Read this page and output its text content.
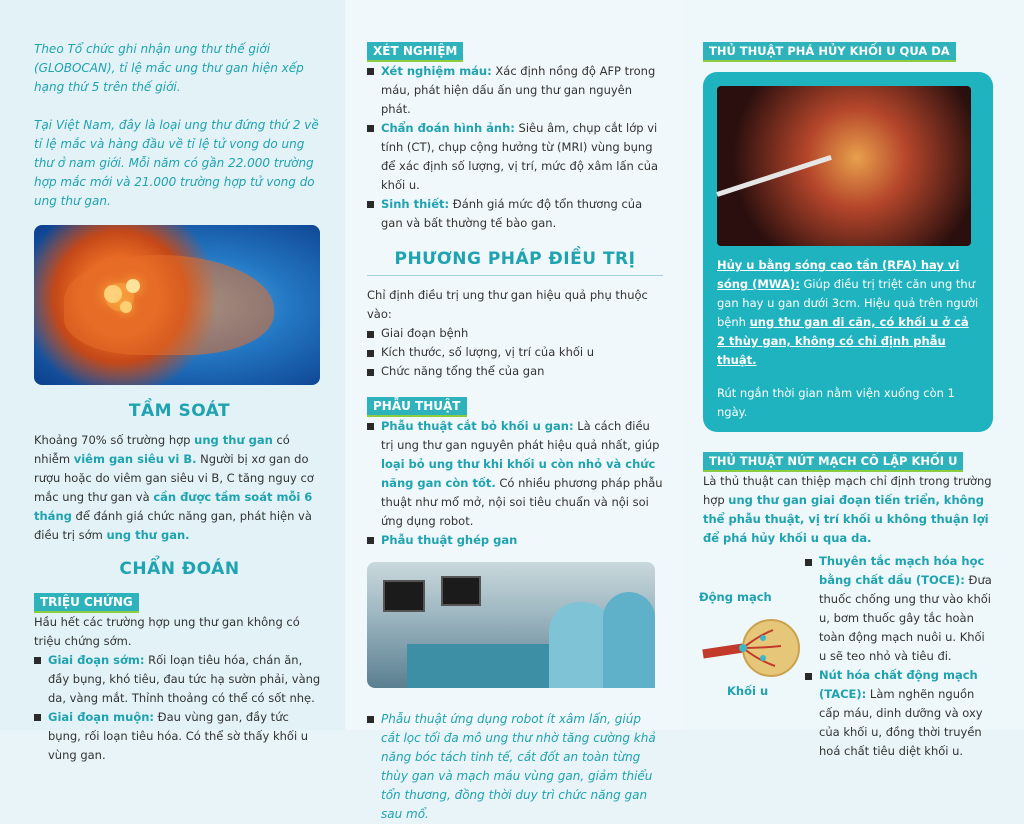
Theo Tổ chức ghi nhận ung thư thế giới (GLOBOCAN), tỉ lệ mắc ung thư gan hiện xếp hạng thứ 5 trên thế giới.

Tại Việt Nam, đây là loại ung thư đứng thứ 2 về tỉ lệ mắc và hàng đầu về tỉ lệ tử vong do ung thư ở nam giới. Mỗi năm có gần 22.000 trường hợp mắc mới và 21.000 trường hợp tử vong do ung thư gan.

TẦM SOÁT

Khoảng 70% số trường hợp ung thư gan có nhiễm viêm gan siêu vi B. Người bị xơ gan do rượu hoặc do viêm gan siêu vi B, C tăng nguy cơ mắc ung thư gan và cần được tầm soát mỗi 6 tháng để đánh giá chức năng gan, phát hiện và điều trị sớm ung thư gan.

CHẨN ĐOÁN
TRIỆU CHỨNG

Hầu hết các trường hợp ung thư gan không có triệu chứng sớm.

Giai đoạn sớm: Rối loạn tiêu hóa, chán ăn, đầy bụng, khó tiêu, đau tức hạ sườn phải, vàng da, vàng mắt. Thỉnh thoảng có thể có sốt nhẹ.

Giai đoạn muộn: Đau vùng gan, đầy tức bụng, rối loạn tiêu hóa. Có thể sờ thấy khối u vùng gan.

XÉT NGHIỆM

Xét nghiệm máu: Xác định nồng độ AFP trong máu, phát hiện dấu ấn ung thư gan nguyên phát.

Chẩn đoán hình ảnh: Siêu âm, chụp cắt lớp vi tính (CT), chụp cộng hưởng từ (MRI) vùng bụng để xác định số lượng, vị trí, mức độ xâm lấn của khối u.

Sinh thiết: Đánh giá mức độ tổn thương của gan và bất thường tế bào gan.

PHƯƠNG PHÁP ĐIỀU TRỊ

Chỉ định điều trị ung thư gan hiệu quả phụ thuộc vào:

Giai đoạn bệnh

Kích thước, số lượng, vị trí của khối u

Chức năng tổng thể của gan

PHẪU THUẬT

Phẫu thuật cắt bỏ khối u gan: Là cách điều trị ung thư gan nguyên phát hiệu quả nhất, giúp loại bỏ ung thư khi khối u còn nhỏ và chức năng gan còn tốt. Có nhiều phương pháp phẫu thuật như mổ mở, nội soi tiêu chuẩn và nội soi ứng dụng robot.

Phẫu thuật ghép gan

Phẫu thuật ứng dụng robot ít xâm lấn, giúp cắt lọc tối đa mô ung thư nhờ tăng cường khả năng bóc tách tinh tế, cắt đốt an toàn từng thùy gan và mạch máu vùng gan, giảm thiểu tổn thương, đồng thời duy trì chức năng gan sau mổ.

THỦ THUẬT PHÁ HỦY KHỐI U QUA DA

Hủy u bằng sóng cao tần (RFA) hay vi sóng (MWA): Giúp điều trị triệt căn ung thư gan hay u gan dưới 3cm. Hiệu quả trên người bệnh ung thư gan di căn, có khối u ở cả 2 thùy gan, không có chỉ định phẫu thuật.

Rút ngắn thời gian nằm viện xuống còn 1 ngày.

THỦ THUẬT NÚT MẠCH CÔ LẬP KHỐI U

Là thủ thuật can thiệp mạch chỉ định trong trường hợp ung thư gan giai đoạn tiến triển, không thể phẫu thuật, vị trí khối u không thuận lợi để phá hủy khối u qua da.

Động mạch
Khối u

Thuyên tắc mạch hóa học bằng chất dầu (TOCE): Đưa thuốc chống ung thư vào khối u, bơm thuốc gây tắc hoàn toàn động mạch nuôi u. Khối u sẽ teo nhỏ và tiêu đi.

Nút hóa chất động mạch (TACE): Làm nghẽn nguồn cấp máu, dinh dưỡng và oxy của khối u, đồng thời truyền hoá chất tiêu diệt khối u.
